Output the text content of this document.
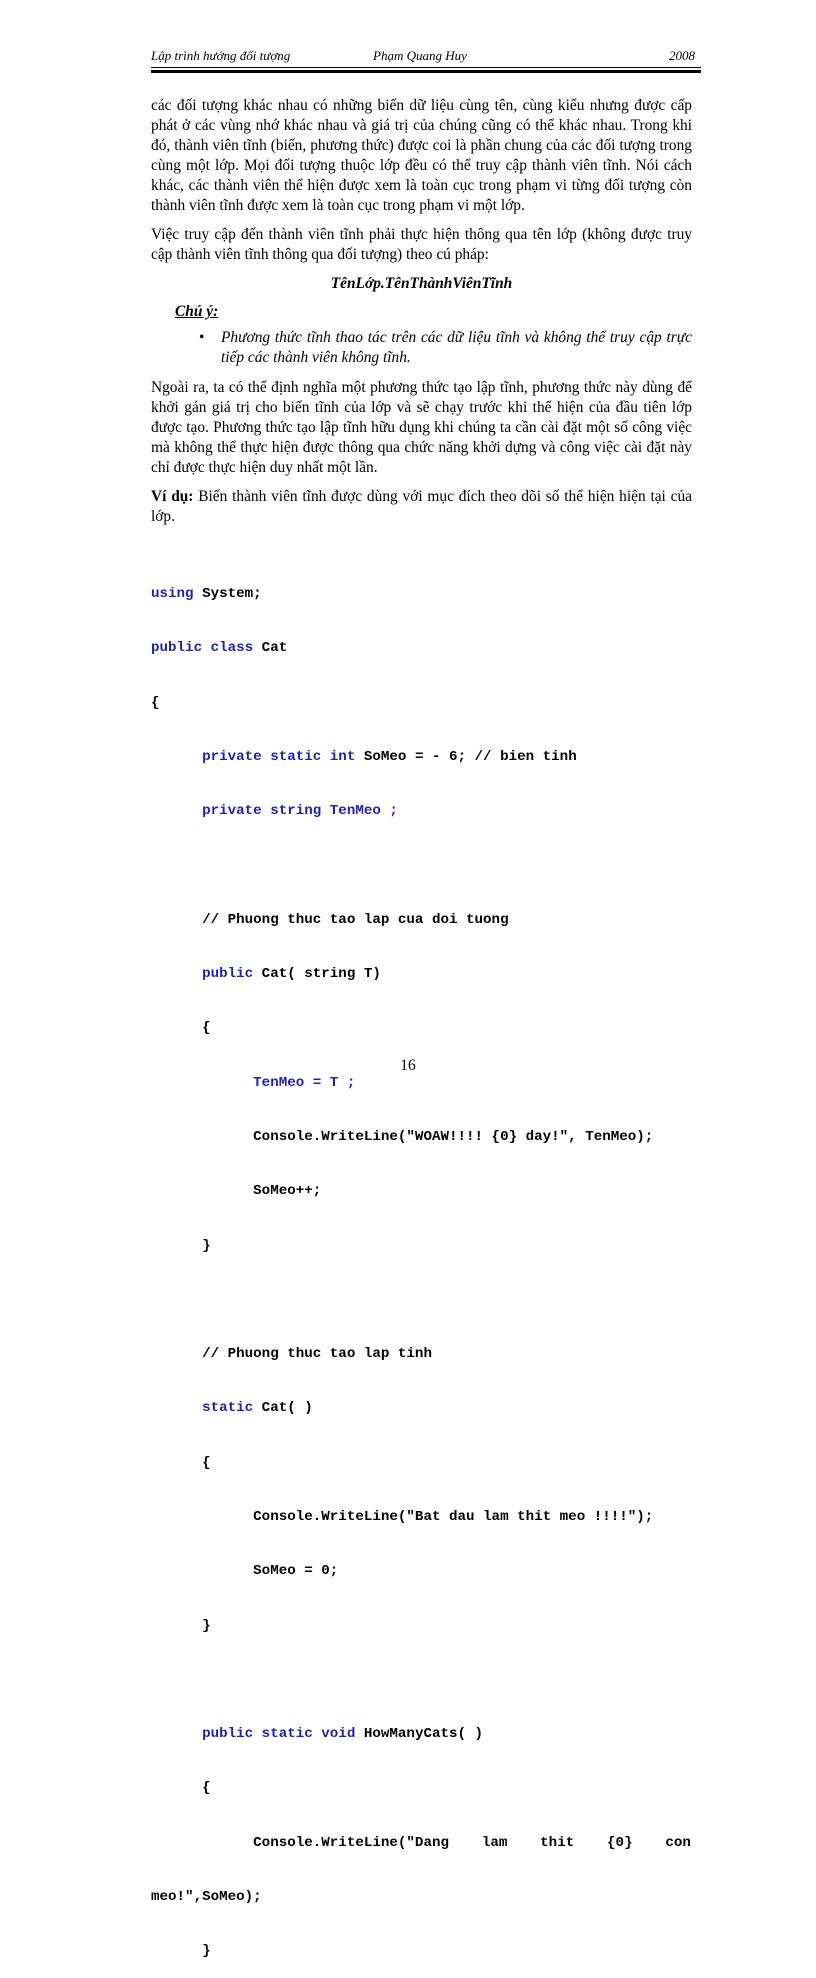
Lập trình hướng đối tượng	Phạm Quang Huy	2008

các đối tượng khác nhau có những biến dữ liệu cùng tên, cùng kiểu nhưng được cấp phát ở các vùng nhớ khác nhau và giá trị của chúng cũng có thể khác nhau. Trong khi đó, thành viên tĩnh (biến, phương thức) được coi là phần chung của các đối tượng trong cùng một lớp. Mọi đối tượng thuộc lớp đều có thể truy cập thành viên tĩnh. Nói cách khác, các thành viên thể hiện được xem là toàn cục trong phạm vi từng đối tượng còn thành viên tĩnh được xem là toàn cục trong phạm vi một lớp.

Việc truy cập đến thành viên tĩnh phải thực hiện thông qua tên lớp (không được truy cập thành viên tĩnh thông qua đối tượng) theo cú pháp:

TênLớp.TênThànhViênTĩnh
Chú ý:
• Phương thức tĩnh thao tác trên các dữ liệu tĩnh và không thể truy cập trực tiếp các thành viên không tĩnh.

Ngoài ra, ta có thể định nghĩa một phương thức tạo lập tĩnh, phương thức này dùng để khởi gán giá trị cho biến tĩnh của lớp và sẽ chạy trước khi thể hiện của đầu tiên lớp được tạo. Phương thức tạo lập tĩnh hữu dụng khi chúng ta cần cài đặt một số công việc mà không thể thực hiện được thông qua chức năng khởi dựng và công việc cài đặt này chỉ được thực hiện duy nhất một lần.

Ví dụ: Biến thành viên tĩnh được dùng với mục đích theo dõi số thể hiện hiện tại của lớp.

using System;

public class Cat

{

private static int SoMeo = - 6; // bien tinh

private string TenMeo ;

// Phuong thuc tao lap cua doi tuong

public Cat( string T)

{

TenMeo = T ;

Console.WriteLine("WOAW!!!! {0} day!", TenMeo);

SoMeo++;

}

// Phuong thuc tao lap tinh

static Cat( )

{

Console.WriteLine("Bat dau lam thit meo !!!!");

SoMeo = 0;

}

public static void HowManyCats( )

{

Console.WriteLine("Dang lam thit {0} con

meo!",SoMeo);

}

16
